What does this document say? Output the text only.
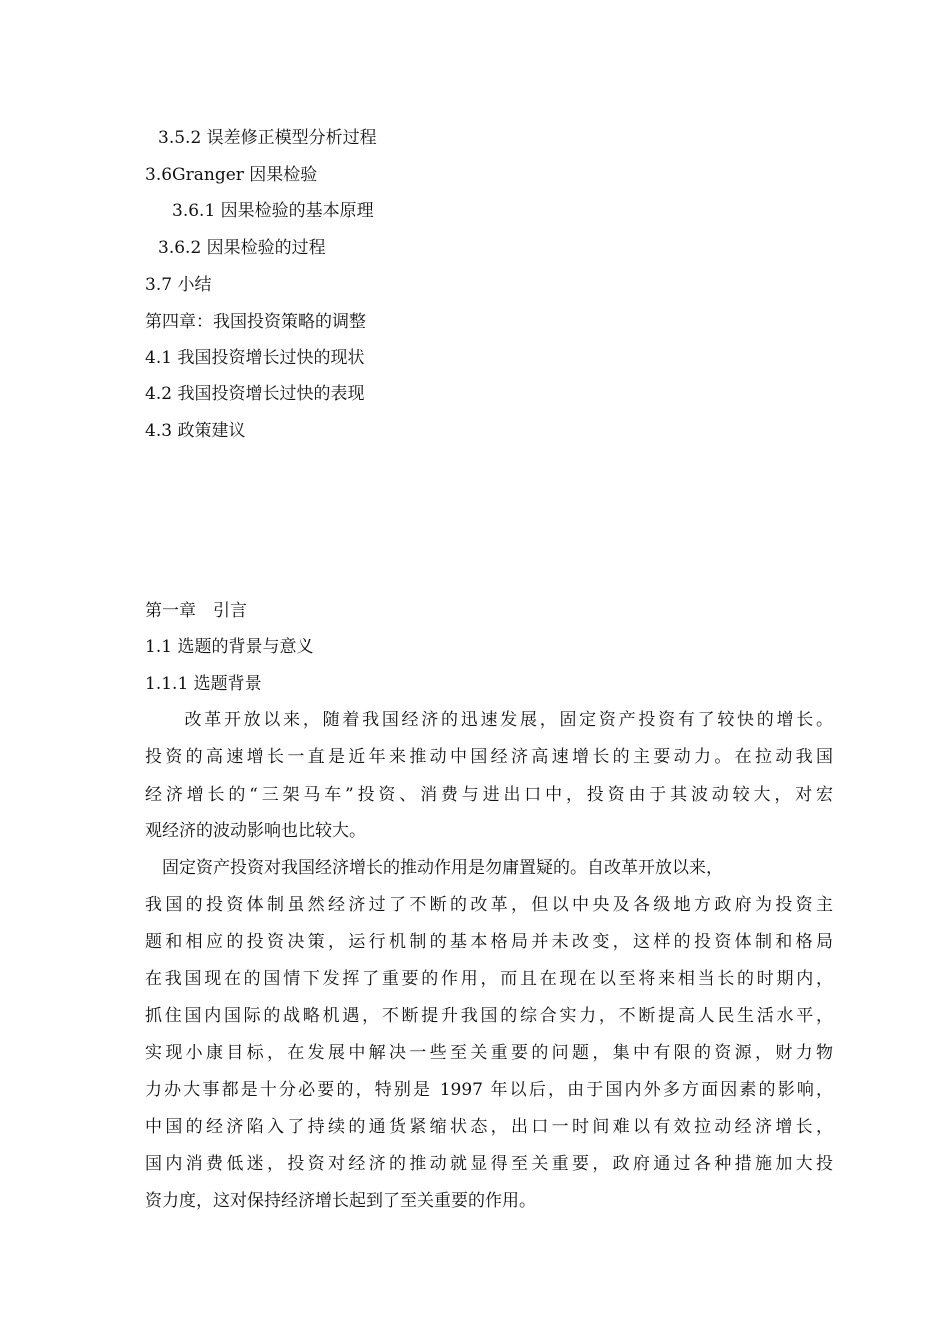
3.5.2 误差修正模型分析过程
3.6Granger 因果检验
3.6.1 因果检验的基本原理
3.6.2 因果检验的过程
3.7 小结
第四章：我国投资策略的调整
4.1 我国投资增长过快的现状
4.2 我国投资增长过快的表现
4.3 政策建议
第一章　引言
1.1 选题的背景与意义
1.1.1 选题背景
　　改革开放以来，随着我国经济的迅速发展，固定资产投资有了较快的增长。
投资的高速增长一直是近年来推动中国经济高速增长的主要动力。在拉动我国
经济增长的“三架马车”投资、消费与进出口中，投资由于其波动较大，对宏
观经济的波动影响也比较大。
　固定资产投资对我国经济增长的推动作用是勿庸置疑的。自改革开放以来，
我国的投资体制虽然经济过了不断的改革，但以中央及各级地方政府为投资主
题和相应的投资决策，运行机制的基本格局并未改变，这样的投资体制和格局
在我国现在的国情下发挥了重要的作用，而且在现在以至将来相当长的时期内，
抓住国内国际的战略机遇，不断提升我国的综合实力，不断提高人民生活水平，
实现小康目标，在发展中解决一些至关重要的问题，集中有限的资源，财力物
力办大事都是十分必要的，特别是 1997 年以后，由于国内外多方面因素的影响，
中国的经济陷入了持续的通货紧缩状态，出口一时间难以有效拉动经济增长，
国内消费低迷，投资对经济的推动就显得至关重要，政府通过各种措施加大投
资力度，这对保持经济增长起到了至关重要的作用。
